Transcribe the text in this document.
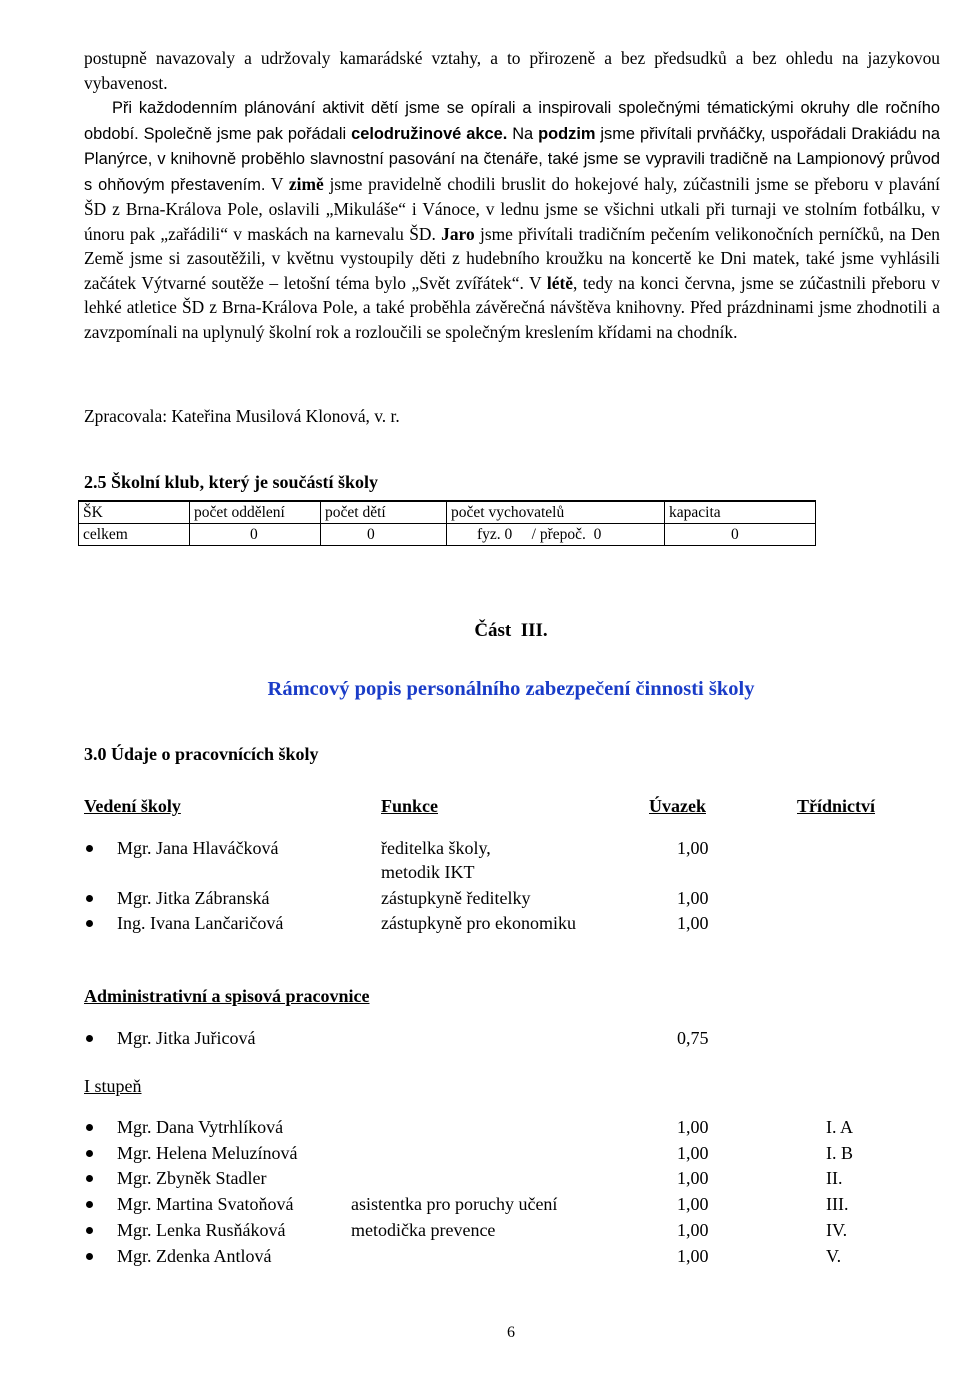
postupně navazovaly a udržovaly kamarádské vztahy, a to přirozeně a bez předsudků a bez ohledu na jazykovou vybavenost.

Při každodenním plánování aktivit dětí jsme se opírali a inspirovali společnými tématickými okruhy dle ročního období. Společně jsme pak pořádali celodružinové akce. Na podzim jsme přivítali prvňáčky, uspořádali Drakiádu na Planýrce, v knihovně proběhlo slavnostní pasování na čtenáře, také jsme se vypravili tradičně na Lampionový průvod s ohňovým přestavením. V zimě jsme pravidelně chodili bruslit do hokejové haly, zúčastnili jsme se přeboru v plavání ŠD z Brna-Králova Pole, oslavili „Mikuláše“ i Vánoce, v lednu jsme se všichni utkali při turnaji ve stolním fotbálku, v únoru pak „zařádili“ v maskách na karnevalu ŠD. Jaro jsme přivítali tradičním pečením velikonočních perníčků, na Den Země jsme si zasoutěžili, v květnu vystoupily děti z hudebního kroužku na koncertě ke Dni matek, také jsme vyhlásili začátek Výtvarné soutěže – letošní téma bylo „Svět zvířátek“. V létě, tedy na konci června, jsme se zúčastnili přeboru v lehké atletice ŠD z Brna-Králova Pole, a také proběhla závěrečná návštěva knihovny. Před prázdninami jsme zhodnotili a zavzpomínali na uplynulý školní rok a rozloučili se společným kreslením křídami na chodník.

Zpracovala: Kateřina Musilová Klonová, v. r.
2.5 Školní klub, který je součástí školy
ŠK	počet oddělení	počet dětí	počet vychovatelů	kapacita
celkem	0	0	fyz. 0     / přepoč.  0	0
Část  III.
Rámcový popis personálního zabezpečení činnosti školy
3.0 Údaje o pracovnících školy
Vedení školy	Funkce	Úvazek	Třídnictví
Mgr. Jana Hlaváčková	ředitelka školy,	1,00
metodik IKT
Mgr. Jitka Zábranská	zástupkyně ředitelky	1,00
Ing. Ivana Lančaričová	zástupkyně pro ekonomiku	1,00
Administrativní a spisová pracovnice
Mgr. Jitka Juřicová	0,75
I stupeň
Mgr. Dana Vytrhlíková	1,00	I. A
Mgr. Helena Meluzínová	1,00	I. B
Mgr. Zbyněk Stadler	1,00	II.
Mgr. Martina Svatoňová	asistentka pro poruchy učení	1,00	III.
Mgr. Lenka Rusňáková	metodička prevence	1,00	IV.
Mgr. Zdenka Antlová	1,00	V.
6
